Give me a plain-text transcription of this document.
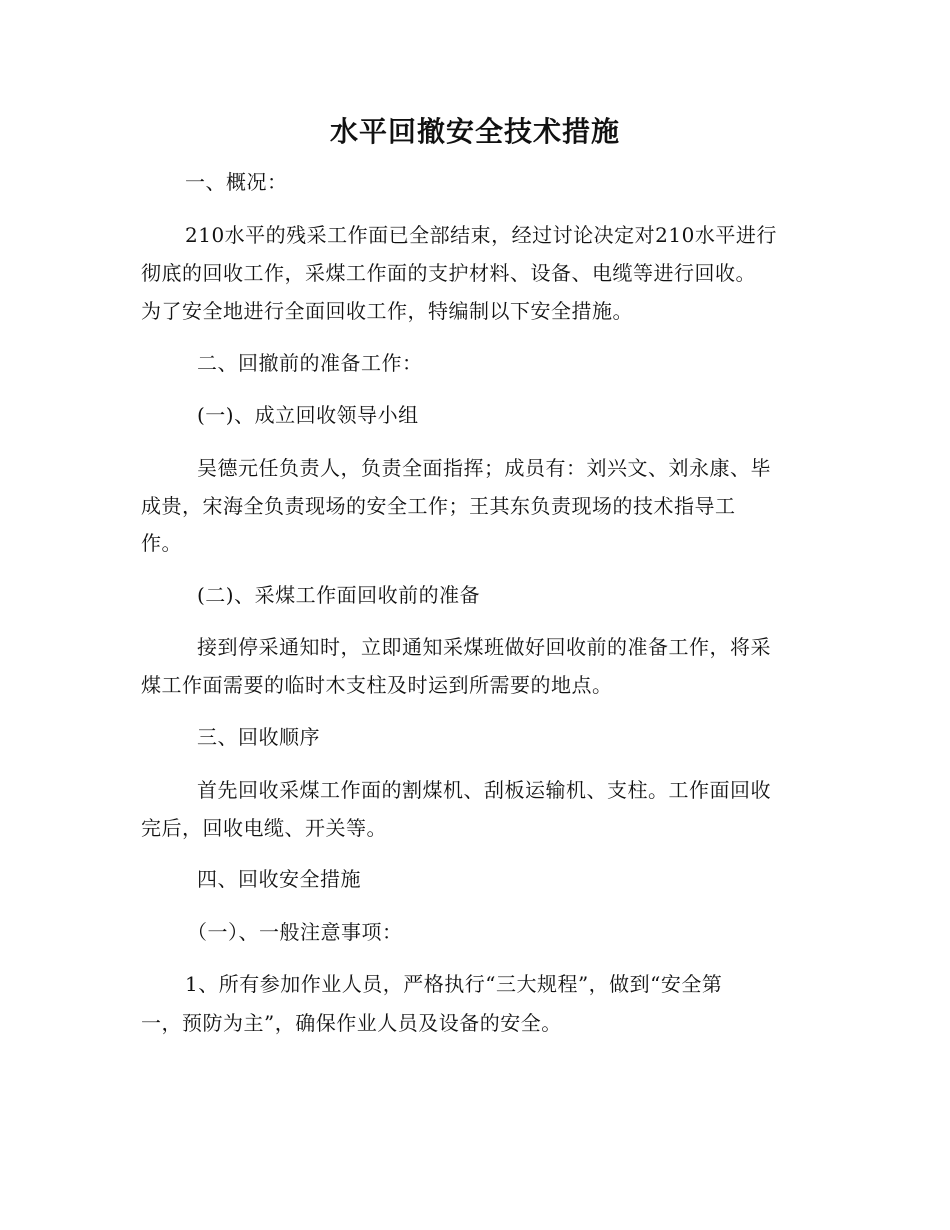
水平回撤安全技术措施
一、概况：
210水平的残采工作面已全部结束，经过讨论决定对210水平进行
彻底的回收工作，采煤工作面的支护材料、设备、电缆等进行回收。
为了安全地进行全面回收工作，特编制以下安全措施。
二、回撤前的准备工作：
(一)、成立回收领导小组
吴德元任负责人，负责全面指挥；成员有：刘兴文、刘永康、毕
成贵，宋海全负责现场的安全工作；王其东负责现场的技术指导工
作。
(二)、采煤工作面回收前的准备
接到停采通知时，立即通知采煤班做好回收前的准备工作，将采
煤工作面需要的临时木支柱及时运到所需要的地点。
三、回收顺序
首先回收采煤工作面的割煤机、刮板运输机、支柱。工作面回收
完后，回收电缆、开关等。
四、回收安全措施
（一）、一般注意事项：
1、所有参加作业人员，严格执行“三大规程”，做到“安全第
一，预防为主”，确保作业人员及设备的安全。
